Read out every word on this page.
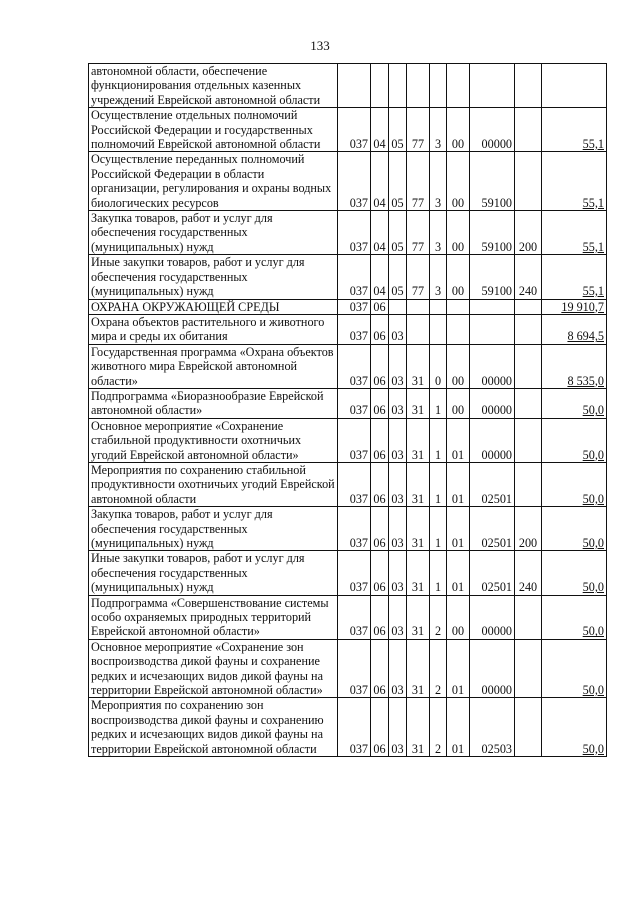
133
автономной области, обеспечение функционирования отдельных казенных учреждений Еврейской автономной области									
Осуществление отдельных полномочий Российской Федерации и государственных полномочий Еврейской автономной области	037	04	05	77	3	00	00000		55,1
Осуществление переданных полномочий Российской Федерации в области организации, регулирования и охраны водных биологических ресурсов	037	04	05	77	3	00	59100		55,1
Закупка товаров, работ и услуг для обеспечения государственных (муниципальных) нужд	037	04	05	77	3	00	59100	200	55,1
Иные закупки товаров, работ и услуг для обеспечения государственных (муниципальных) нужд	037	04	05	77	3	00	59100	240	55,1
ОХРАНА ОКРУЖАЮЩЕЙ СРЕДЫ	037	06							19 910,7
Охрана объектов растительного и животного мира и среды их обитания	037	06	03						8 694,5
Государственная программа «Охрана объектов животного мира Еврейской автономной области»	037	06	03	31	0	00	00000		8 535,0
Подпрограмма «Биоразнообразие Еврейской автономной области»	037	06	03	31	1	00	00000		50,0
Основное мероприятие «Сохранение стабильной продуктивности охотничьих угодий Еврейской автономной области»	037	06	03	31	1	01	00000		50,0
Мероприятия по сохранению стабильной продуктивности охотничьих угодий Еврейской автономной области	037	06	03	31	1	01	02501		50,0
Закупка товаров, работ и услуг для обеспечения государственных (муниципальных) нужд	037	06	03	31	1	01	02501	200	50,0
Иные закупки товаров, работ и услуг для обеспечения государственных (муниципальных) нужд	037	06	03	31	1	01	02501	240	50,0
Подпрограмма «Совершенствование системы особо охраняемых природных территорий Еврейской автономной области»	037	06	03	31	2	00	00000		50,0
Основное мероприятие «Сохранение зон воспроизводства дикой фауны и сохранение редких и исчезающих видов дикой фауны на территории Еврейской автономной области»	037	06	03	31	2	01	00000		50,0
Мероприятия по сохранению зон воспроизводства дикой фауны и сохранению редких и исчезающих видов дикой фауны на территории Еврейской автономной области	037	06	03	31	2	01	02503		50,0
